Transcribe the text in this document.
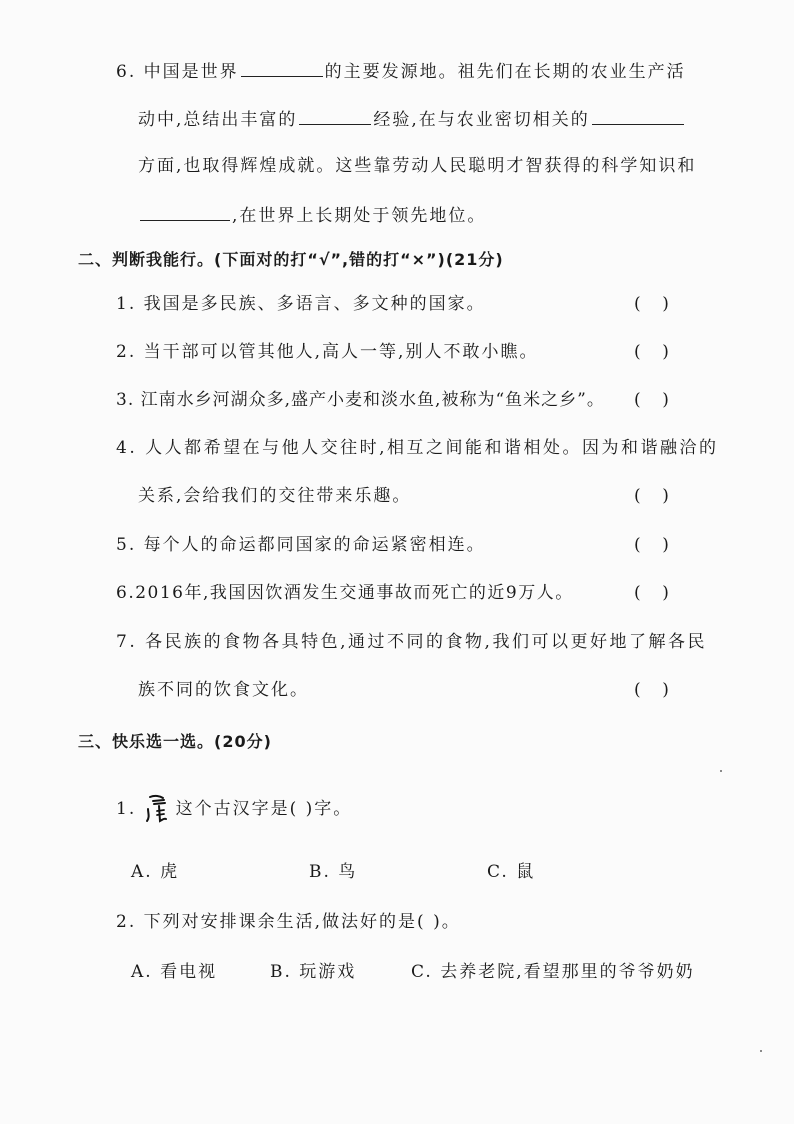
6. 中国是世界	的主要发源地。祖先们在长期的农业生产活
动中,总结出丰富的	经验,在与农业密切相关的
方面,也取得辉煌成就。这些靠劳动人民聪明才智获得的科学知识和
,在世界上长期处于领先地位。
二、判断我能行。(下面对的打“√”,错的打“×”)(21分)
1. 我国是多民族、多语言、多文种的国家。	(    )
2. 当干部可以管其他人,高人一等,别人不敢小瞧。	(    )
3. 江南水乡河湖众多,盛产小麦和淡水鱼,被称为“鱼米之乡”。 (    )
4. 人人都希望在与他人交往时,相互之间能和谐相处。因为和谐融洽的
关系,会给我们的交往带来乐趣。	(    )
5. 每个人的命运都同国家的命运紧密相连。	(    )
6.2016年,我国因饮酒发生交通事故而死亡的近9万人。	(    )
7. 各民族的食物各具特色,通过不同的食物,我们可以更好地了解各民
族不同的饮食文化。	(    )
三、快乐选一选。(20分)
1. 这个古汉字是( )字。
A. 虎	B. 鸟	C. 鼠
2. 下列对安排课余生活,做法好的是( )。
A. 看电视	B. 玩游戏	C. 去养老院,看望那里的爷爷奶奶
